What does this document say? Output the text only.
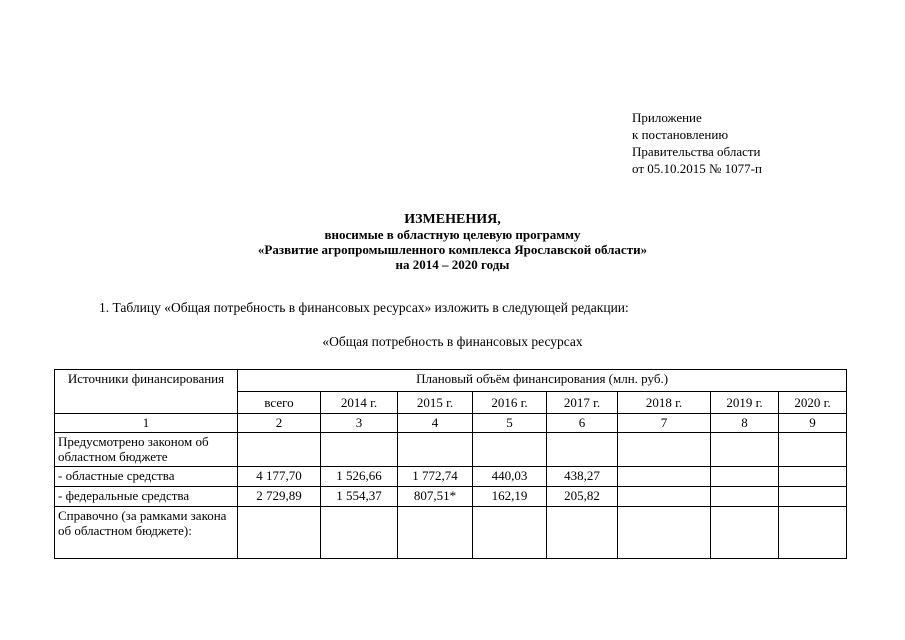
Приложение
к постановлению
Правительства области
от 05.10.2015 № 1077-п
ИЗМЕНЕНИЯ,
вносимые в областную целевую программу
«Развитие агропромышленного комплекса Ярославской области»
на 2014 – 2020 годы
1. Таблицу «Общая потребность в финансовых ресурсах» изложить в следующей редакции:
«Общая потребность в финансовых ресурсах
Источники финансирования	Плановый объём финансирования (млн. руб.)							
	всего	2014 г.	2015 г.	2016 г.	2017 г.	2018 г.	2019 г.	2020 г.
1	2	3	4	5	6	7	8	9
Предусмотрено законом об областном бюджете								
- областные средства	4 177,70	1 526,66	1 772,74	440,03	438,27			
- федеральные средства	2 729,89	1 554,37	807,51*	162,19	205,82			
Справочно (за рамками закона об областном бюджете):								
